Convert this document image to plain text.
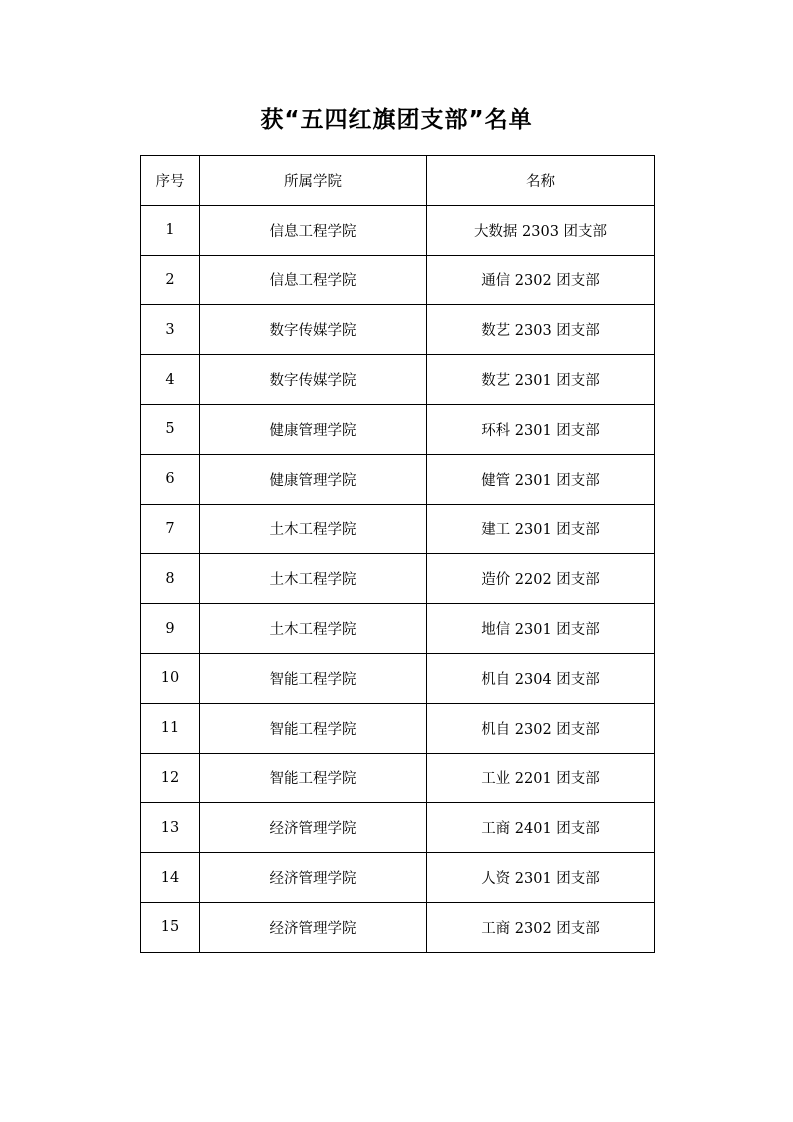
获“五四红旗团支部”名单
序号	所属学院	名称
1	信息工程学院	大数据 2303 团支部
2	信息工程学院	通信 2302 团支部
3	数字传媒学院	数艺 2303 团支部
4	数字传媒学院	数艺 2301 团支部
5	健康管理学院	环科 2301 团支部
6	健康管理学院	健管 2301 团支部
7	土木工程学院	建工 2301 团支部
8	土木工程学院	造价 2202 团支部
9	土木工程学院	地信 2301 团支部
10	智能工程学院	机自 2304 团支部
11	智能工程学院	机自 2302 团支部
12	智能工程学院	工业 2201 团支部
13	经济管理学院	工商 2401 团支部
14	经济管理学院	人资 2301 团支部
15	经济管理学院	工商 2302 团支部
